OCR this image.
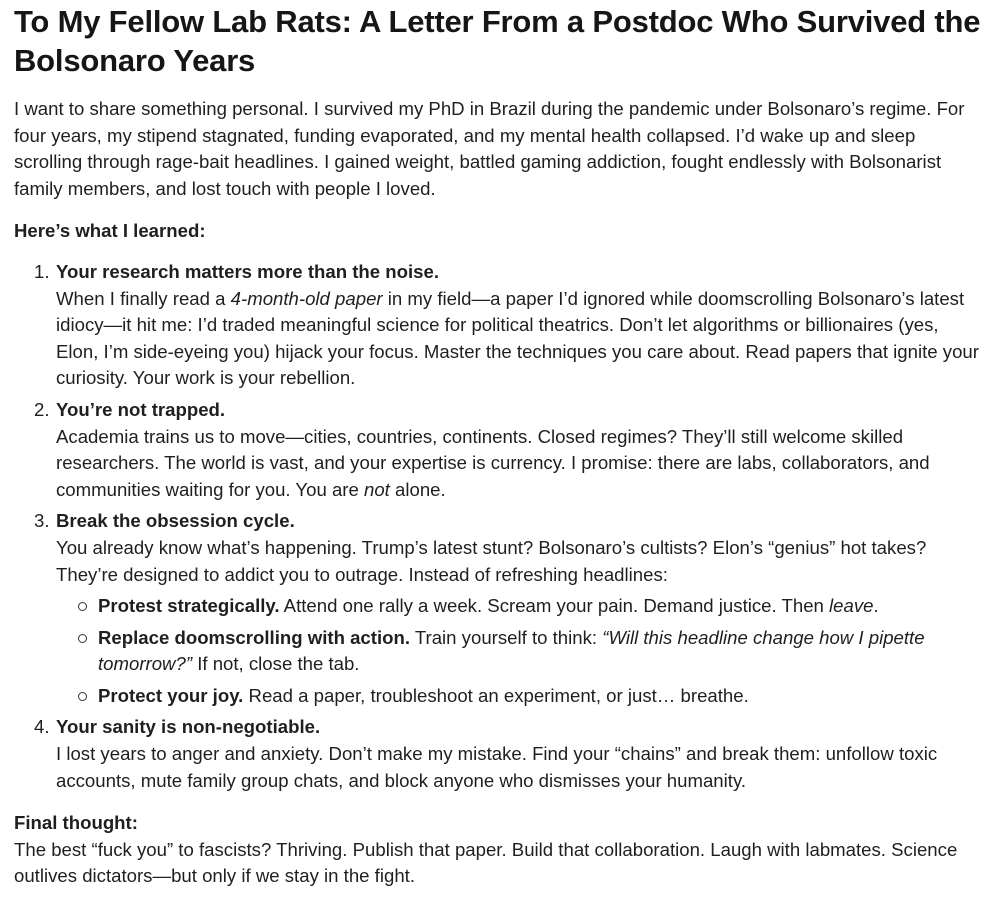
To My Fellow Lab Rats: A Letter From a Postdoc Who Survived the Bolsonaro Years

I want to share something personal. I survived my PhD in Brazil during the pandemic under Bolsonaro’s regime. For four years, my stipend stagnated, funding evaporated, and my mental health collapsed. I’d wake up and sleep scrolling through rage-bait headlines. I gained weight, battled gaming addiction, fought endlessly with Bolsonarist family members, and lost touch with people I loved.

Here’s what I learned:

1. Your research matters more than the noise.
When I finally read a 4-month-old paper in my field—a paper I’d ignored while doomscrolling Bolsonaro’s latest idiocy—it hit me: I’d traded meaningful science for political theatrics. Don’t let algorithms or billionaires (yes, Elon, I’m side-eyeing you) hijack your focus. Master the techniques you care about. Read papers that ignite your curiosity. Your work is your rebellion.
2. You’re not trapped.
Academia trains us to move—cities, countries, continents. Closed regimes? They’ll still welcome skilled researchers. The world is vast, and your expertise is currency. I promise: there are labs, collaborators, and communities waiting for you. You are not alone.
3. Break the obsession cycle.
You already know what’s happening. Trump’s latest stunt? Bolsonaro’s cultists? Elon’s “genius” hot takes? They’re designed to addict you to outrage. Instead of refreshing headlines:
Protest strategically. Attend one rally a week. Scream your pain. Demand justice. Then leave.
Replace doomscrolling with action. Train yourself to think: “Will this headline change how I pipette tomorrow?” If not, close the tab.
Protect your joy. Read a paper, troubleshoot an experiment, or just… breathe.
4. Your sanity is non-negotiable.
I lost years to anger and anxiety. Don’t make my mistake. Find your “chains” and break them: unfollow toxic accounts, mute family group chats, and block anyone who dismisses your humanity.

Final thought:

The best “fuck you” to fascists? Thriving. Publish that paper. Build that collaboration. Laugh with labmates. Science outlives dictators—but only if we stay in the fight.
